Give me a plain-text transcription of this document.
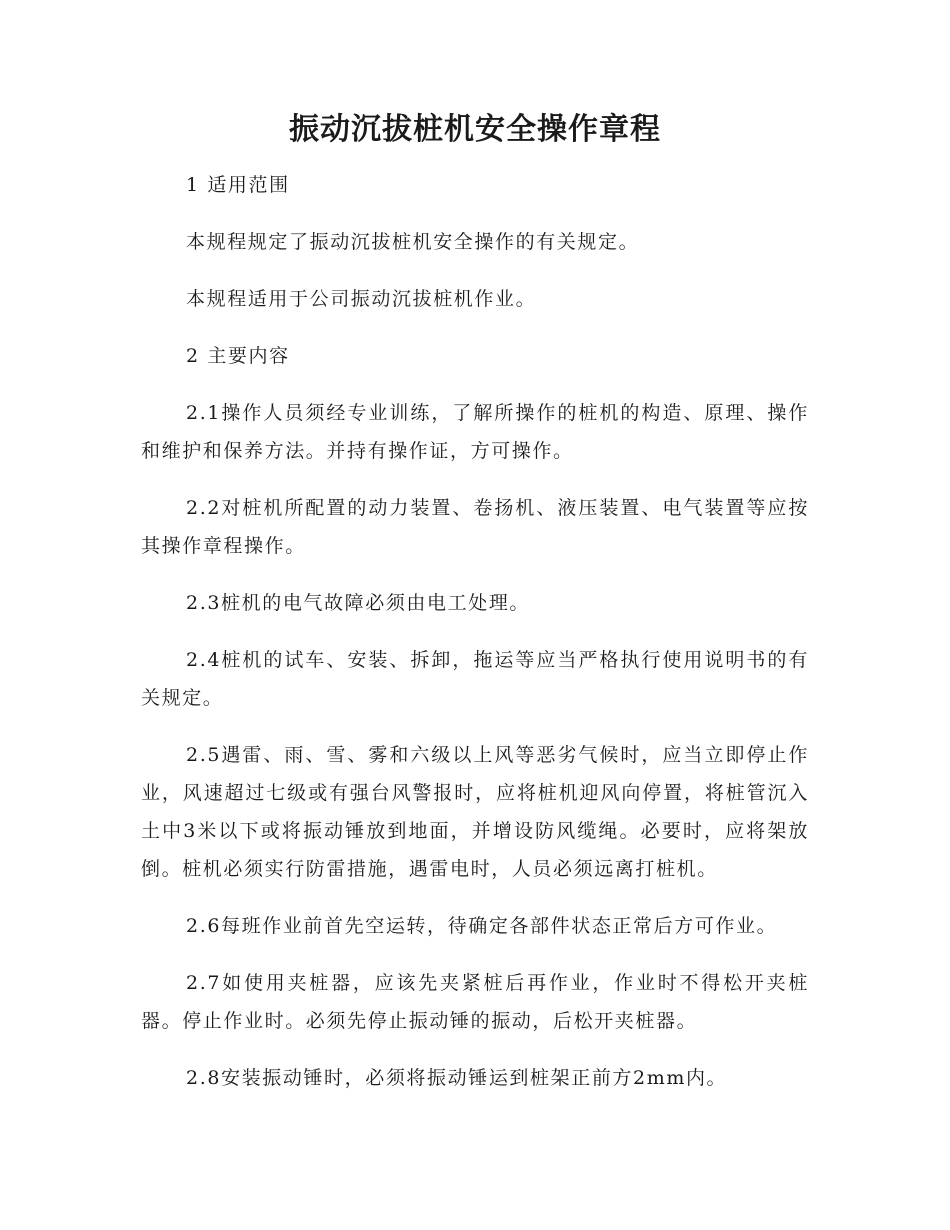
振动沉拔桩机安全操作章程

1 适用范围

本规程规定了振动沉拔桩机安全操作的有关规定。

本规程适用于公司振动沉拔桩机作业。

2 主要内容

2.1操作人员须经专业训练，了解所操作的桩机的构造、原理、操作和维护和保养方法。并持有操作证，方可操作。

2.2对桩机所配置的动力装置、卷扬机、液压装置、电气装置等应按其操作章程操作。

2.3桩机的电气故障必须由电工处理。

2.4桩机的试车、安装、拆卸，拖运等应当严格执行使用说明书的有关规定。

2.5遇雷、雨、雪、雾和六级以上风等恶劣气候时，应当立即停止作业，风速超过七级或有强台风警报时，应将桩机迎风向停置，将桩管沉入土中3米以下或将振动锤放到地面，并增设防风缆绳。必要时，应将架放倒。桩机必须实行防雷措施，遇雷电时，人员必须远离打桩机。

2.6每班作业前首先空运转，待确定各部件状态正常后方可作业。

2.7如使用夹桩器，应该先夹紧桩后再作业，作业时不得松开夹桩器。停止作业时。必须先停止振动锤的振动，后松开夹桩器。

2.8安装振动锤时，必须将振动锤运到桩架正前方2mm内。
